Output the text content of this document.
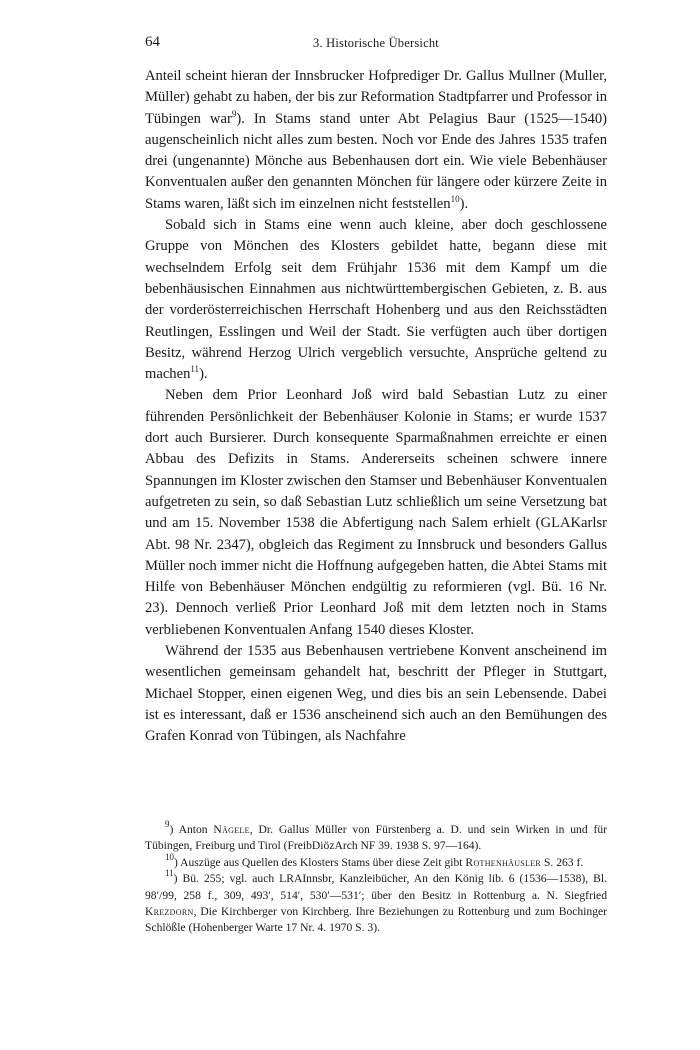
64	3. Historische Übersicht

Anteil scheint hieran der Innsbrucker Hofprediger Dr. Gallus Mullner (Muller, Müller) gehabt zu haben, der bis zur Reformation Stadtpfarrer und Professor in Tübingen war$^9$). In Stams stand unter Abt Pelagius Baur (1525—1540) augenscheinlich nicht alles zum besten. Noch vor Ende des Jahres 1535 trafen drei (ungenannte) Mönche aus Bebenhausen dort ein. Wie viele Bebenhäuser Konventualen außer den genannten Mönchen für längere oder kürzere Zeite in Stams waren, läßt sich im einzelnen nicht feststellen$^{10}$).

Sobald sich in Stams eine wenn auch kleine, aber doch geschlossene Gruppe von Mönchen des Klosters gebildet hatte, begann diese mit wechselndem Erfolg seit dem Frühjahr 1536 mit dem Kampf um die bebenhäusischen Einnahmen aus nichtwürttembergischen Gebieten, z. B. aus der vorderösterreichischen Herrschaft Hohenberg und aus den Reichsstädten Reutlingen, Esslingen und Weil der Stadt. Sie verfügten auch über dortigen Besitz, während Herzog Ulrich vergeblich versuchte, Ansprüche geltend zu machen$^{11}$).

Neben dem Prior Leonhard Joß wird bald Sebastian Lutz zu einer führenden Persönlichkeit der Bebenhäuser Kolonie in Stams; er wurde 1537 dort auch Bursierer. Durch konsequente Sparmaßnahmen erreichte er einen Abbau des Defizits in Stams. Andererseits scheinen schwere innere Spannungen im Kloster zwischen den Stamser und Bebenhäuser Konventualen aufgetreten zu sein, so daß Sebastian Lutz schließlich um seine Versetzung bat und am 15. November 1538 die Abfertigung nach Salem erhielt (GLAKarlsr Abt. 98 Nr. 2347), obgleich das Regiment zu Innsbruck und besonders Gallus Müller noch immer nicht die Hoffnung aufgegeben hatten, die Abtei Stams mit Hilfe von Bebenhäuser Mönchen endgültig zu reformieren (vgl. Bü. 16 Nr. 23). Dennoch verließ Prior Leonhard Joß mit dem letzten noch in Stams verbliebenen Konventualen Anfang 1540 dieses Kloster.

Während der 1535 aus Bebenhausen vertriebene Konvent anscheinend im wesentlichen gemeinsam gehandelt hat, beschritt der Pfleger in Stuttgart, Michael Stopper, einen eigenen Weg, und dies bis an sein Lebensende. Dabei ist es interessant, daß er 1536 anscheinend sich auch an den Bemühungen des Grafen Konrad von Tübingen, als Nachfahre

$^9$) Anton Nägele, Dr. Gallus Müller von Fürstenberg a. D. und sein Wirken in und für Tübingen, Freiburg und Tirol (FreibDiözArch NF 39. 1938 S. 97—164).

$^{10}$) Auszüge aus Quellen des Klosters Stams über diese Zeit gibt Rothenhäusler S. 263 f.

$^{11}$) Bü. 255; vgl. auch LRAInnsbr, Kanzleibücher, An den König lib. 6 (1536—1538), Bl. 98′/99, 258 f., 309, 493′, 514′, 530′—531′; über den Besitz in Rottenburg a. N. Siegfried Krezdorn, Die Kirchberger von Kirchberg. Ihre Beziehungen zu Rottenburg und zum Bochinger Schlößle (Hohenberger Warte 17 Nr. 4. 1970 S. 3).
